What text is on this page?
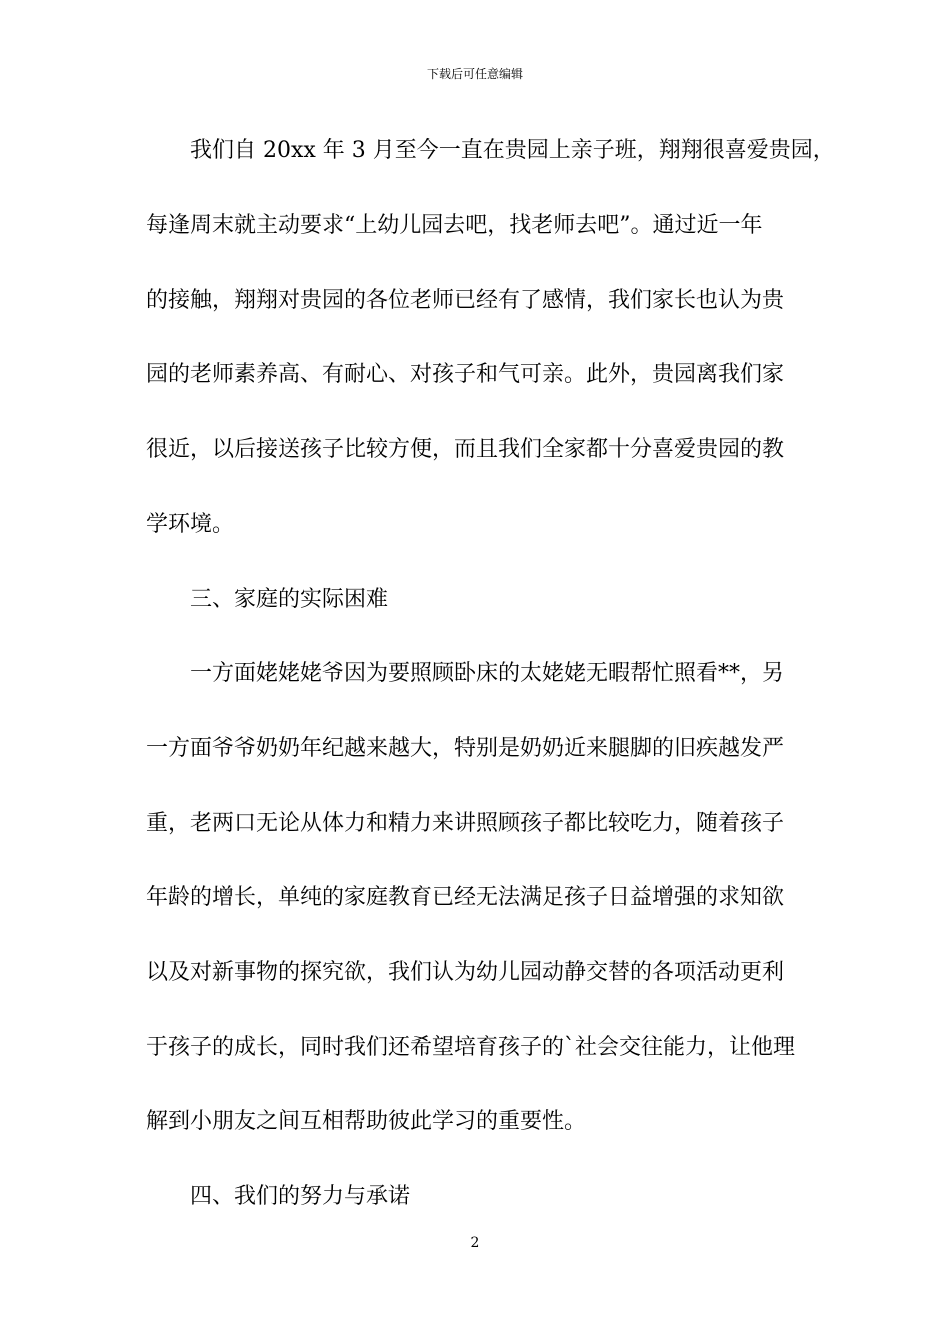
下载后可任意编辑
　　我们自 20xx 年 3 月至今一直在贵园上亲子班，翔翔很喜爱贵园，
每逢周末就主动要求“上幼儿园去吧，找老师去吧”。通过近一年
的接触，翔翔对贵园的各位老师已经有了感情，我们家长也认为贵
园的老师素养高、有耐心、对孩子和气可亲。此外，贵园离我们家
很近，以后接送孩子比较方便，而且我们全家都十分喜爱贵园的教
学环境。
　　三、家庭的实际困难
　　一方面姥姥姥爷因为要照顾卧床的太姥姥无暇帮忙照看**，另
一方面爷爷奶奶年纪越来越大，特别是奶奶近来腿脚的旧疾越发严
重，老两口无论从体力和精力来讲照顾孩子都比较吃力，随着孩子
年龄的增长，单纯的家庭教育已经无法满足孩子日益增强的求知欲
以及对新事物的探究欲，我们认为幼儿园动静交替的各项活动更利
于孩子的成长，同时我们还希望培育孩子的`社会交往能力，让他理
解到小朋友之间互相帮助彼此学习的重要性。
　　四、我们的努力与承诺
2
